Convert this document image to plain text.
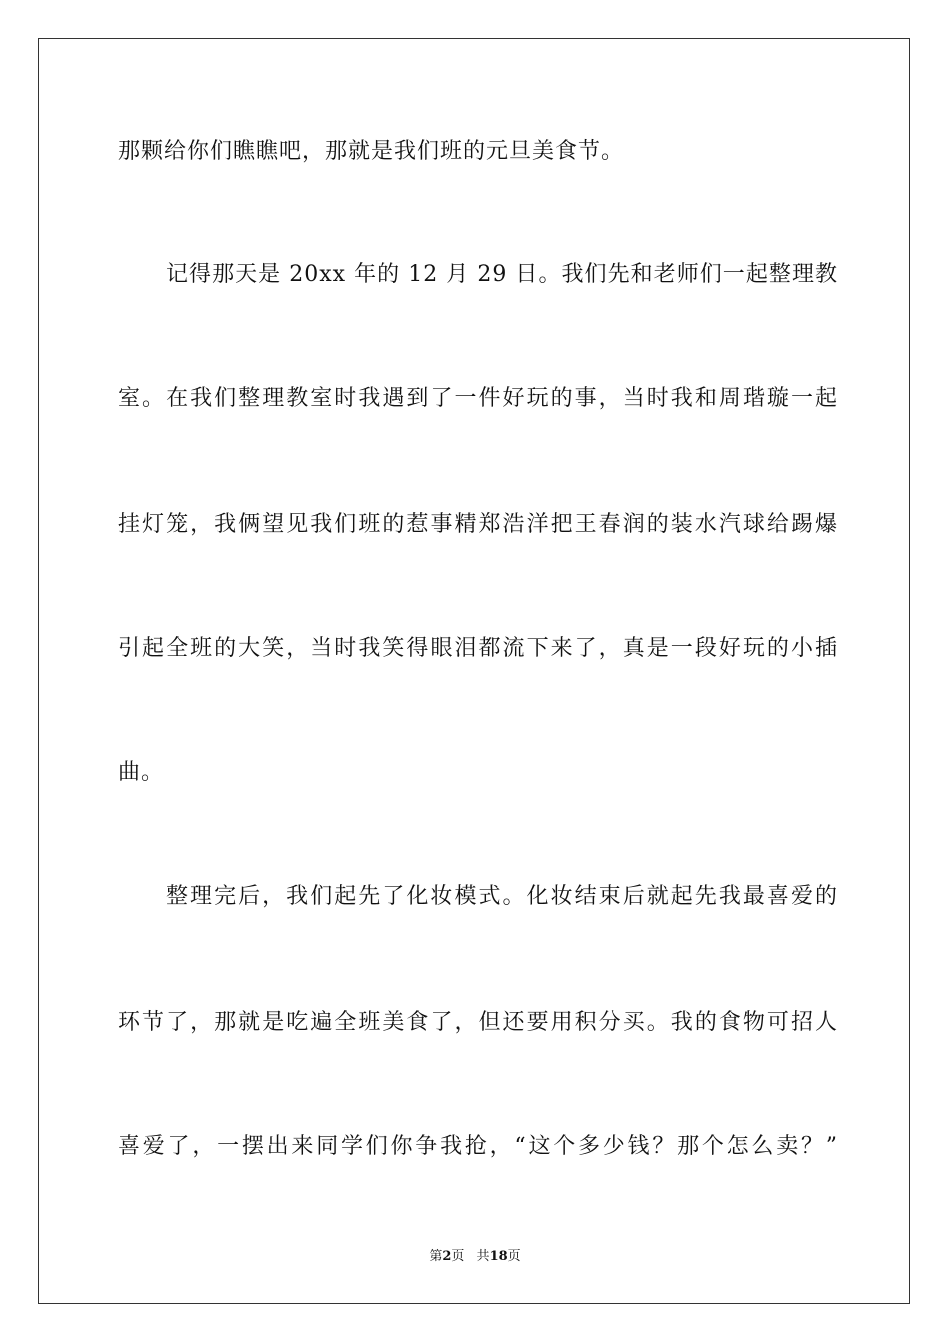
那颗给你们瞧瞧吧，那就是我们班的元旦美食节。
记得那天是 20xx 年的 12 月 29 日。我们先和老师们一起整理教
室。在我们整理教室时我遇到了一件好玩的事，当时我和周瑎璇一起
挂灯笼，我俩望见我们班的惹事精郑浩洋把王春润的装水汽球给踢爆
引起全班的大笑，当时我笑得眼泪都流下来了，真是一段好玩的小插
曲。
整理完后，我们起先了化妆模式。化妆结束后就起先我最喜爱的
环节了，那就是吃遍全班美食了，但还要用积分买。我的食物可招人
喜爱了，一摆出来同学们你争我抢，“这个多少钱？那个怎么卖？”
第2页 共18页
